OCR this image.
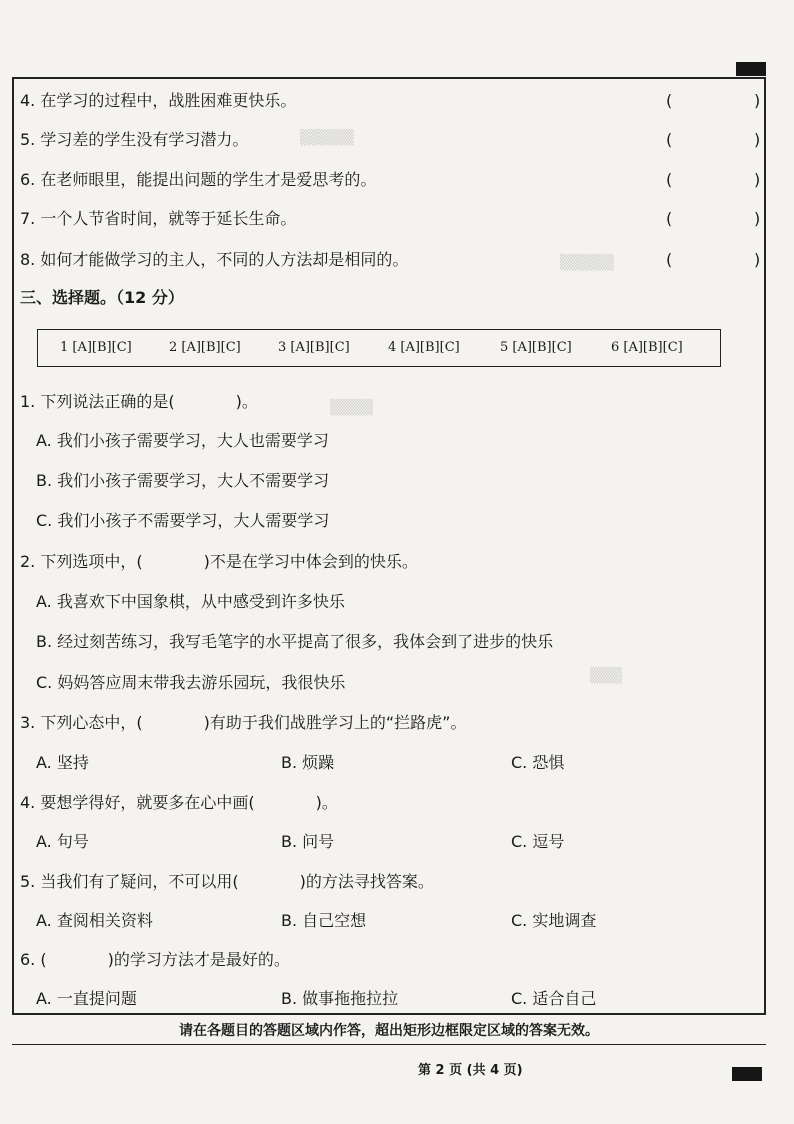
▒▒▒▒▒
▒▒▒▒▒
▒▒▒▒
▒▒▒
4. 在学习的过程中，战胜困难更快乐。	(	)
5. 学习差的学生没有学习潜力。	(	)
6. 在老师眼里，能提出问题的学生才是爱思考的。	(	)
7. 一个人节省时间，就等于延长生命。	(	)
8. 如何才能做学习的主人，不同的人方法却是相同的。	(	)
三、选择题。（12 分）
1 [A][B][C]	2 [A][B][C]	3 [A][B][C]	4 [A][B][C]	5 [A][B][C]	6 [A][B][C]
1. 下列说法正确的是(            )。
A. 我们小孩子需要学习，大人也需要学习
B. 我们小孩子需要学习，大人不需要学习
C. 我们小孩子不需要学习，大人需要学习
2. 下列选项中，(            )不是在学习中体会到的快乐。
A. 我喜欢下中国象棋，从中感受到许多快乐
B. 经过刻苦练习，我写毛笔字的水平提高了很多，我体会到了进步的快乐
C. 妈妈答应周末带我去游乐园玩，我很快乐
3. 下列心态中，(            )有助于我们战胜学习上的“拦路虎”。
A. 坚持	B. 烦躁	C. 恐惧
4. 要想学得好，就要多在心中画(            )。
A. 句号	B. 问号	C. 逗号
5. 当我们有了疑问，不可以用(            )的方法寻找答案。
A. 查阅相关资料	B. 自己空想	C. 实地调查
6. (            )的学习方法才是最好的。
A. 一直提问题	B. 做事拖拖拉拉	C. 适合自己
请在各题目的答题区域内作答，超出矩形边框限定区域的答案无效。
第 2 页 (共 4 页)
